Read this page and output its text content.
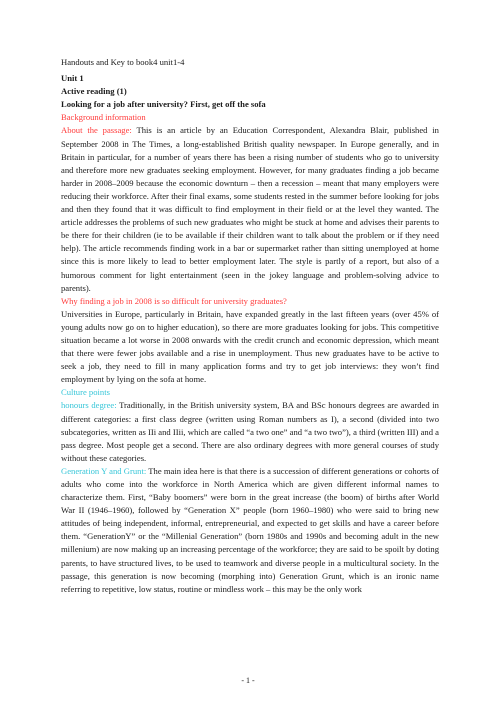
Handouts and Key to book4 unit1-4
Unit 1
Active reading (1)
Looking for a job after university? First, get off the sofa
Background information
About the passage: This is an article by an Education Correspondent, Alexandra Blair, published in September 2008 in The Times, a long-established British quality newspaper. In Europe generally, and in Britain in particular, for a number of years there has been a rising number of students who go to university and therefore more new graduates seeking employment. However, for many graduates finding a job became harder in 2008–2009 because the economic downturn – then a recession – meant that many employers were reducing their workforce. After their final exams, some students rested in the summer before looking for jobs and then they found that it was difficult to find employment in their field or at the level they wanted. The article addresses the problems of such new graduates who might be stuck at home and advises their parents to be there for their children (ie to be available if their children want to talk about the problem or if they need help). The article recommends finding work in a bar or supermarket rather than sitting unemployed at home since this is more likely to lead to better employment later. The style is partly of a report, but also of a humorous comment for light entertainment (seen in the jokey language and problem-solving advice to parents).
Why finding a job in 2008 is so difficult for university graduates?
Universities in Europe, particularly in Britain, have expanded greatly in the last fifteen years (over 45% of young adults now go on to higher education), so there are more graduates looking for jobs. This competitive situation became a lot worse in 2008 onwards with the credit crunch and economic depression, which meant that there were fewer jobs available and a rise in unemployment. Thus new graduates have to be active to seek a job, they need to fill in many application forms and try to get job interviews: they won’t find employment by lying on the sofa at home.
Culture points
honours degree: Traditionally, in the British university system, BA and BSc honours degrees are awarded in different categories: a first class degree (written using Roman numbers as I), a second (divided into two subcategories, written as IIi and IIii, which are called “a two one” and “a two two”), a third (written III) and a pass degree. Most people get a second. There are also ordinary degrees with more general courses of study without these categories.
Generation Y and Grunt: The main idea here is that there is a succession of different generations or cohorts of adults who come into the workforce in North America which are given different informal names to characterize them. First, “Baby boomers” were born in the great increase (the boom) of births after World War II (1946–1960), followed by “Generation X” people (born 1960–1980) who were said to bring new attitudes of being independent, informal, entrepreneurial, and expected to get skills and have a career before them. “GenerationY” or the “Millenial Generation” (born 1980s and 1990s and becoming adult in the new millenium) are now making up an increasing percentage of the workforce; they are said to be spoilt by doting parents, to have structured lives, to be used to teamwork and diverse people in a multicultural society. In the passage, this generation is now becoming (morphing into) Generation Grunt, which is an ironic name referring to repetitive, low status, routine or mindless work – this may be the only work
- 1 -
